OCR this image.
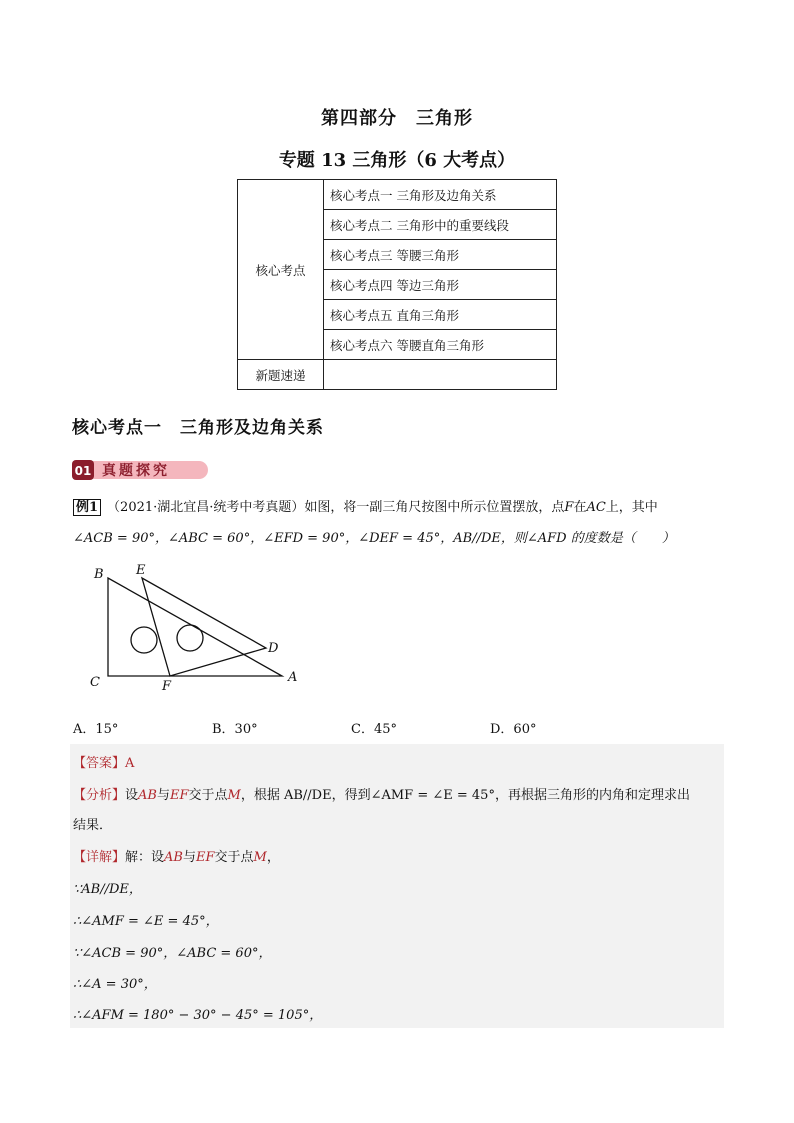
第四部分　三角形
专题 13 三角形（6 大考点）
核心考点	核心考点一 三角形及边角关系
	核心考点二 三角形中的重要线段
	核心考点三 等腰三角形
	核心考点四 等边三角形
	核心考点五 直角三角形
	核心考点六 等腰直角三角形
新题速递	
核心考点一　三角形及边角关系
01 真题探究
例1 （2021·湖北宜昌·统考中考真题）如图，将一副三角尺按图中所示位置摆放，点F在AC上，其中
∠ACB = 90°，∠ABC = 60°，∠EFD = 90°，∠DEF = 45°，AB//DE，则∠AFD 的度数是（　　）
B E
C	F
A
D
A．15°	B．30°	C．45°	D．60°
【答案】A
【分析】设AB与EF交于点M，根据 AB//DE，得到∠AMF = ∠E = 45°，再根据三角形的内角和定理求出
结果．
【详解】解：设AB与EF交于点M，
∵AB//DE，
∴∠AMF = ∠E = 45°，
∵∠ACB = 90°，∠ABC = 60°，
∴∠A = 30°，
∴∠AFM = 180° − 30° − 45° = 105°，
